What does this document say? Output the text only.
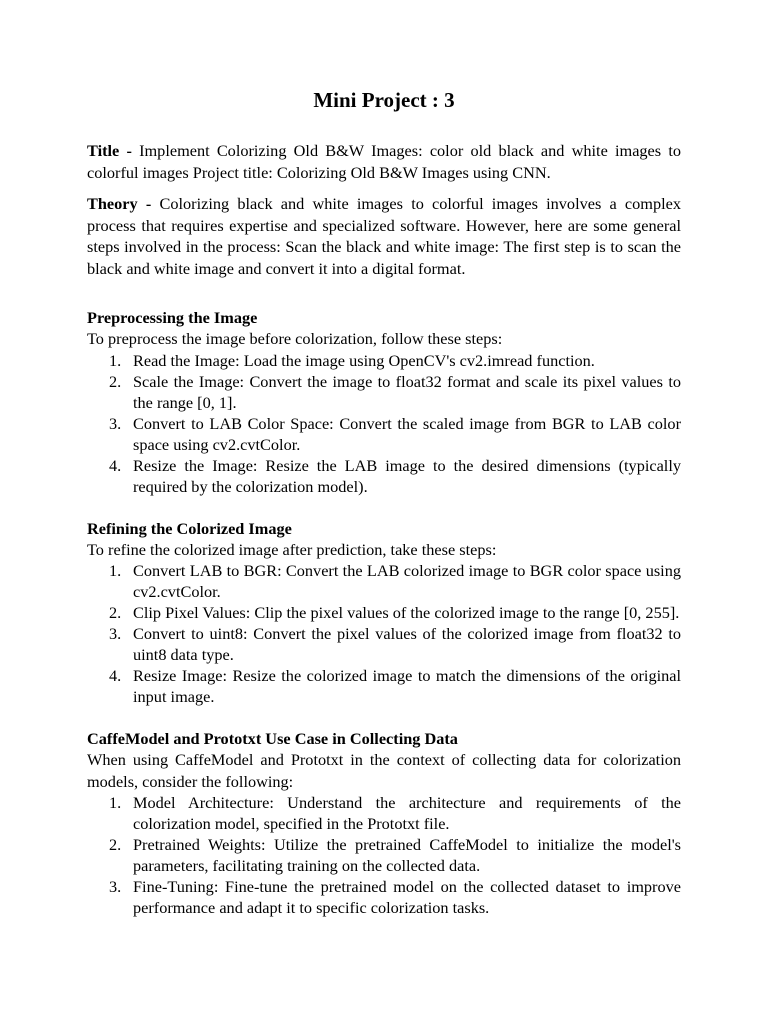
Mini Project : 3

Title - Implement Colorizing Old B&W Images: color old black and white images to colorful images Project title: Colorizing Old B&W Images using CNN.

Theory - Colorizing black and white images to colorful images involves a complex process that requires expertise and specialized software. However, here are some general steps involved in the process: Scan the black and white image: The first step is to scan the black and white image and convert it into a digital format.

Preprocessing the Image

To preprocess the image before colorization, follow these steps:

1. Read the Image: Load the image using OpenCV's cv2.imread function.
2. Scale the Image: Convert the image to float32 format and scale its pixel values to the range [0, 1].
3. Convert to LAB Color Space: Convert the scaled image from BGR to LAB color space using cv2.cvtColor.
4. Resize the Image: Resize the LAB image to the desired dimensions (typically required by the colorization model).
Refining the Colorized Image

To refine the colorized image after prediction, take these steps:

1. Convert LAB to BGR: Convert the LAB colorized image to BGR color space using cv2.cvtColor.
2. Clip Pixel Values: Clip the pixel values of the colorized image to the range [0, 255].
3. Convert to uint8: Convert the pixel values of the colorized image from float32 to uint8 data type.
4. Resize Image: Resize the colorized image to match the dimensions of the original input image.
CaffeModel and Prototxt Use Case in Collecting Data

When using CaffeModel and Prototxt in the context of collecting data for colorization models, consider the following:

1. Model Architecture: Understand the architecture and requirements of the colorization model, specified in the Prototxt file.
2. Pretrained Weights: Utilize the pretrained CaffeModel to initialize the model's parameters, facilitating training on the collected data.
3. Fine-Tuning: Fine-tune the pretrained model on the collected dataset to improve performance and adapt it to specific colorization tasks.
